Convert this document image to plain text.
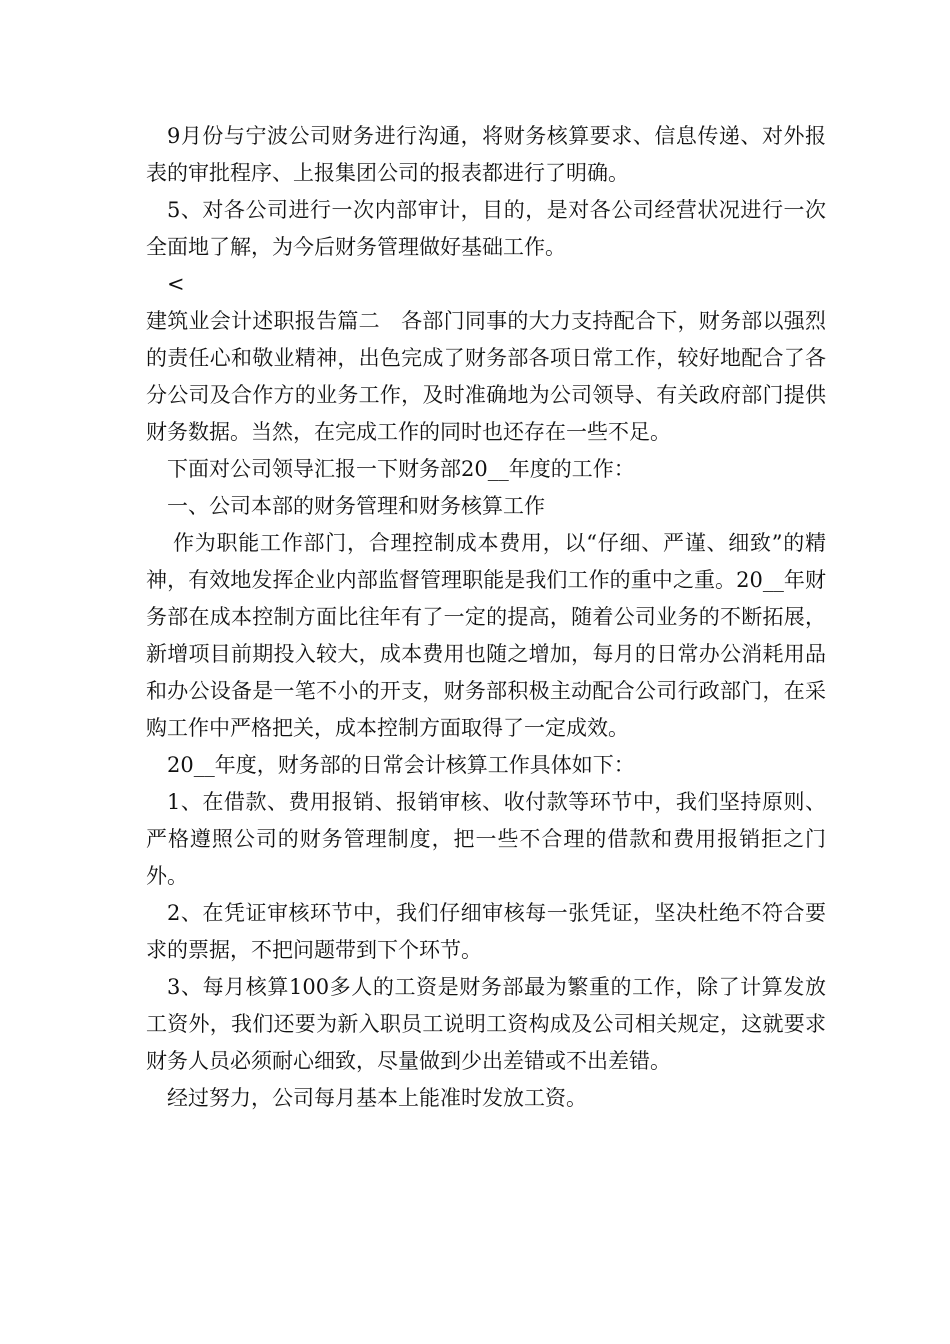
9月份与宁波公司财务进行沟通，将财务核算要求、信息传递、对外报表的审批程序、上报集团公司的报表都进行了明确。

5、对各公司进行一次内部审计，目的，是对各公司经营状况进行一次全面地了解，为今后财务管理做好基础工作。

<

建筑业会计述职报告篇二　各部门同事的大力支持配合下，财务部以强烈的责任心和敬业精神，出色完成了财务部各项日常工作，较好地配合了各分公司及合作方的业务工作，及时准确地为公司领导、有关政府部门提供财务数据。当然，在完成工作的同时也还存在一些不足。

下面对公司领导汇报一下财务部20__年度的工作：

一、公司本部的财务管理和财务核算工作

作为职能工作部门，合理控制成本费用，以“仔细、严谨、细致”的精神，有效地发挥企业内部监督管理职能是我们工作的重中之重。20__年财务部在成本控制方面比往年有了一定的提高，随着公司业务的不断拓展，新增项目前期投入较大，成本费用也随之增加，每月的日常办公消耗用品和办公设备是一笔不小的开支，财务部积极主动配合公司行政部门，在采购工作中严格把关，成本控制方面取得了一定成效。

20__年度，财务部的日常会计核算工作具体如下：

1、在借款、费用报销、报销审核、收付款等环节中，我们坚持原则、严格遵照公司的财务管理制度，把一些不合理的借款和费用报销拒之门外。

2、在凭证审核环节中，我们仔细审核每一张凭证，坚决杜绝不符合要求的票据，不把问题带到下个环节。

3、每月核算100多人的工资是财务部最为繁重的工作，除了计算发放工资外，我们还要为新入职员工说明工资构成及公司相关规定，这就要求财务人员必须耐心细致，尽量做到少出差错或不出差错。

经过努力，公司每月基本上能准时发放工资。
